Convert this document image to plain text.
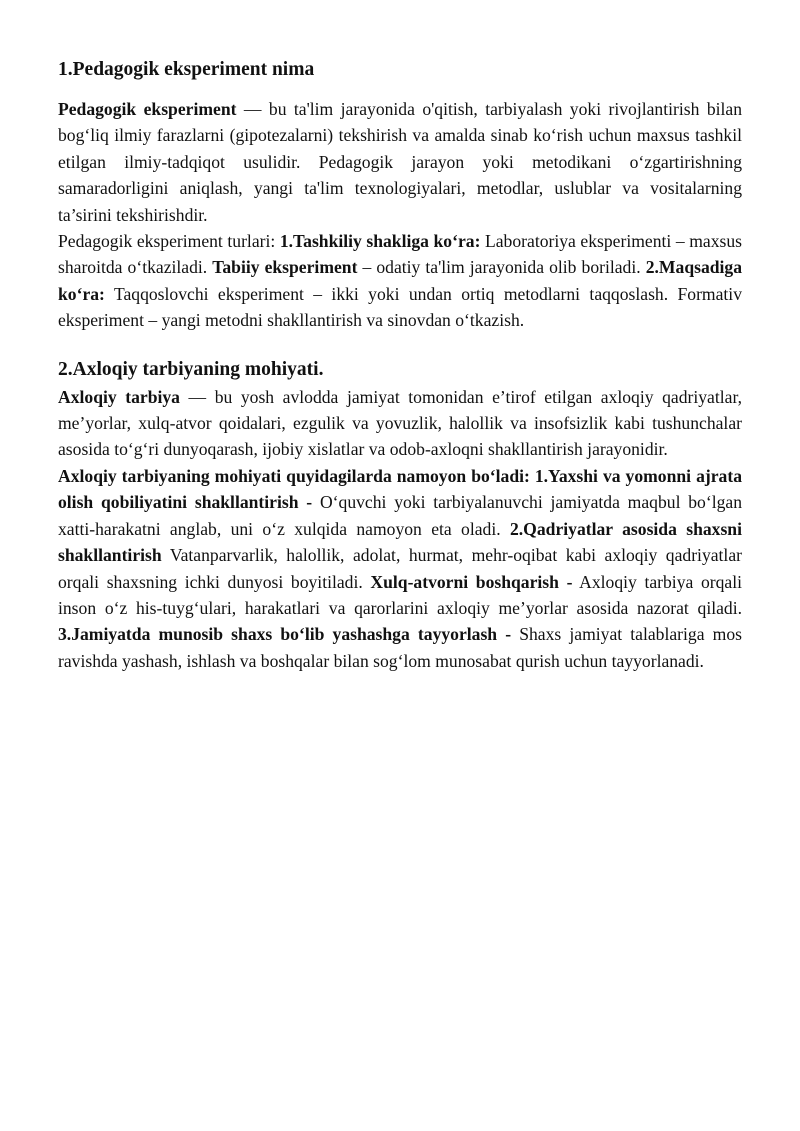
1.Pedagogik eksperiment nima

Pedagogik eksperiment — bu ta'lim jarayonida o'qitish, tarbiyalash yoki rivojlantirish bilan bog‘liq ilmiy farazlarni (gipotezalarni) tekshirish va amalda sinab ko‘rish uchun maxsus tashkil etilgan ilmiy-tadqiqot usulidir. Pedagogik jarayon yoki metodikani o‘zgartirishning samaradorligini aniqlash, yangi ta'lim texnologiyalari, metodlar, uslublar va vositalarning ta’sirini tekshirishdir.

Pedagogik eksperiment turlari: 1.Tashkiliy shakliga ko‘ra: Laboratoriya eksperimenti – maxsus sharoitda o‘tkaziladi. Tabiiy eksperiment – odatiy ta'lim jarayonida olib boriladi. 2.Maqsadiga ko‘ra: Taqqoslovchi eksperiment – ikki yoki undan ortiq metodlarni taqqoslash. Formativ eksperiment – yangi metodni shakllantirish va sinovdan o‘tkazish.

2.Axloqiy tarbiyaning mohiyati.

Axloqiy tarbiya — bu yosh avlodda jamiyat tomonidan e’tirof etilgan axloqiy qadriyatlar, me’yorlar, xulq-atvor qoidalari, ezgulik va yovuzlik, halollik va insofsizlik kabi tushunchalar asosida to‘g‘ri dunyoqarash, ijobiy xislatlar va odob-axloqni shakllantirish jarayonidir.

Axloqiy tarbiyaning mohiyati quyidagilarda namoyon bo‘ladi: 1.Yaxshi va yomonni ajrata olish qobiliyatini shakllantirish - O‘quvchi yoki tarbiyalanuvchi jamiyatda maqbul bo‘lgan xatti-harakatni anglab, uni o‘z xulqida namoyon eta oladi. 2.Qadriyatlar asosida shaxsni shakllantirish Vatanparvarlik, halollik, adolat, hurmat, mehr-oqibat kabi axloqiy qadriyatlar orqali shaxsning ichki dunyosi boyitiladi. Xulq-atvorni boshqarish - Axloqiy tarbiya orqali inson o‘z his-tuyg‘ulari, harakatlari va qarorlarini axloqiy me’yorlar asosida nazorat qiladi. 3.Jamiyatda munosib shaxs bo‘lib yashashga tayyorlash - Shaxs jamiyat talablariga mos ravishda yashash, ishlash va boshqalar bilan sog‘lom munosabat qurish uchun tayyorlanadi.
